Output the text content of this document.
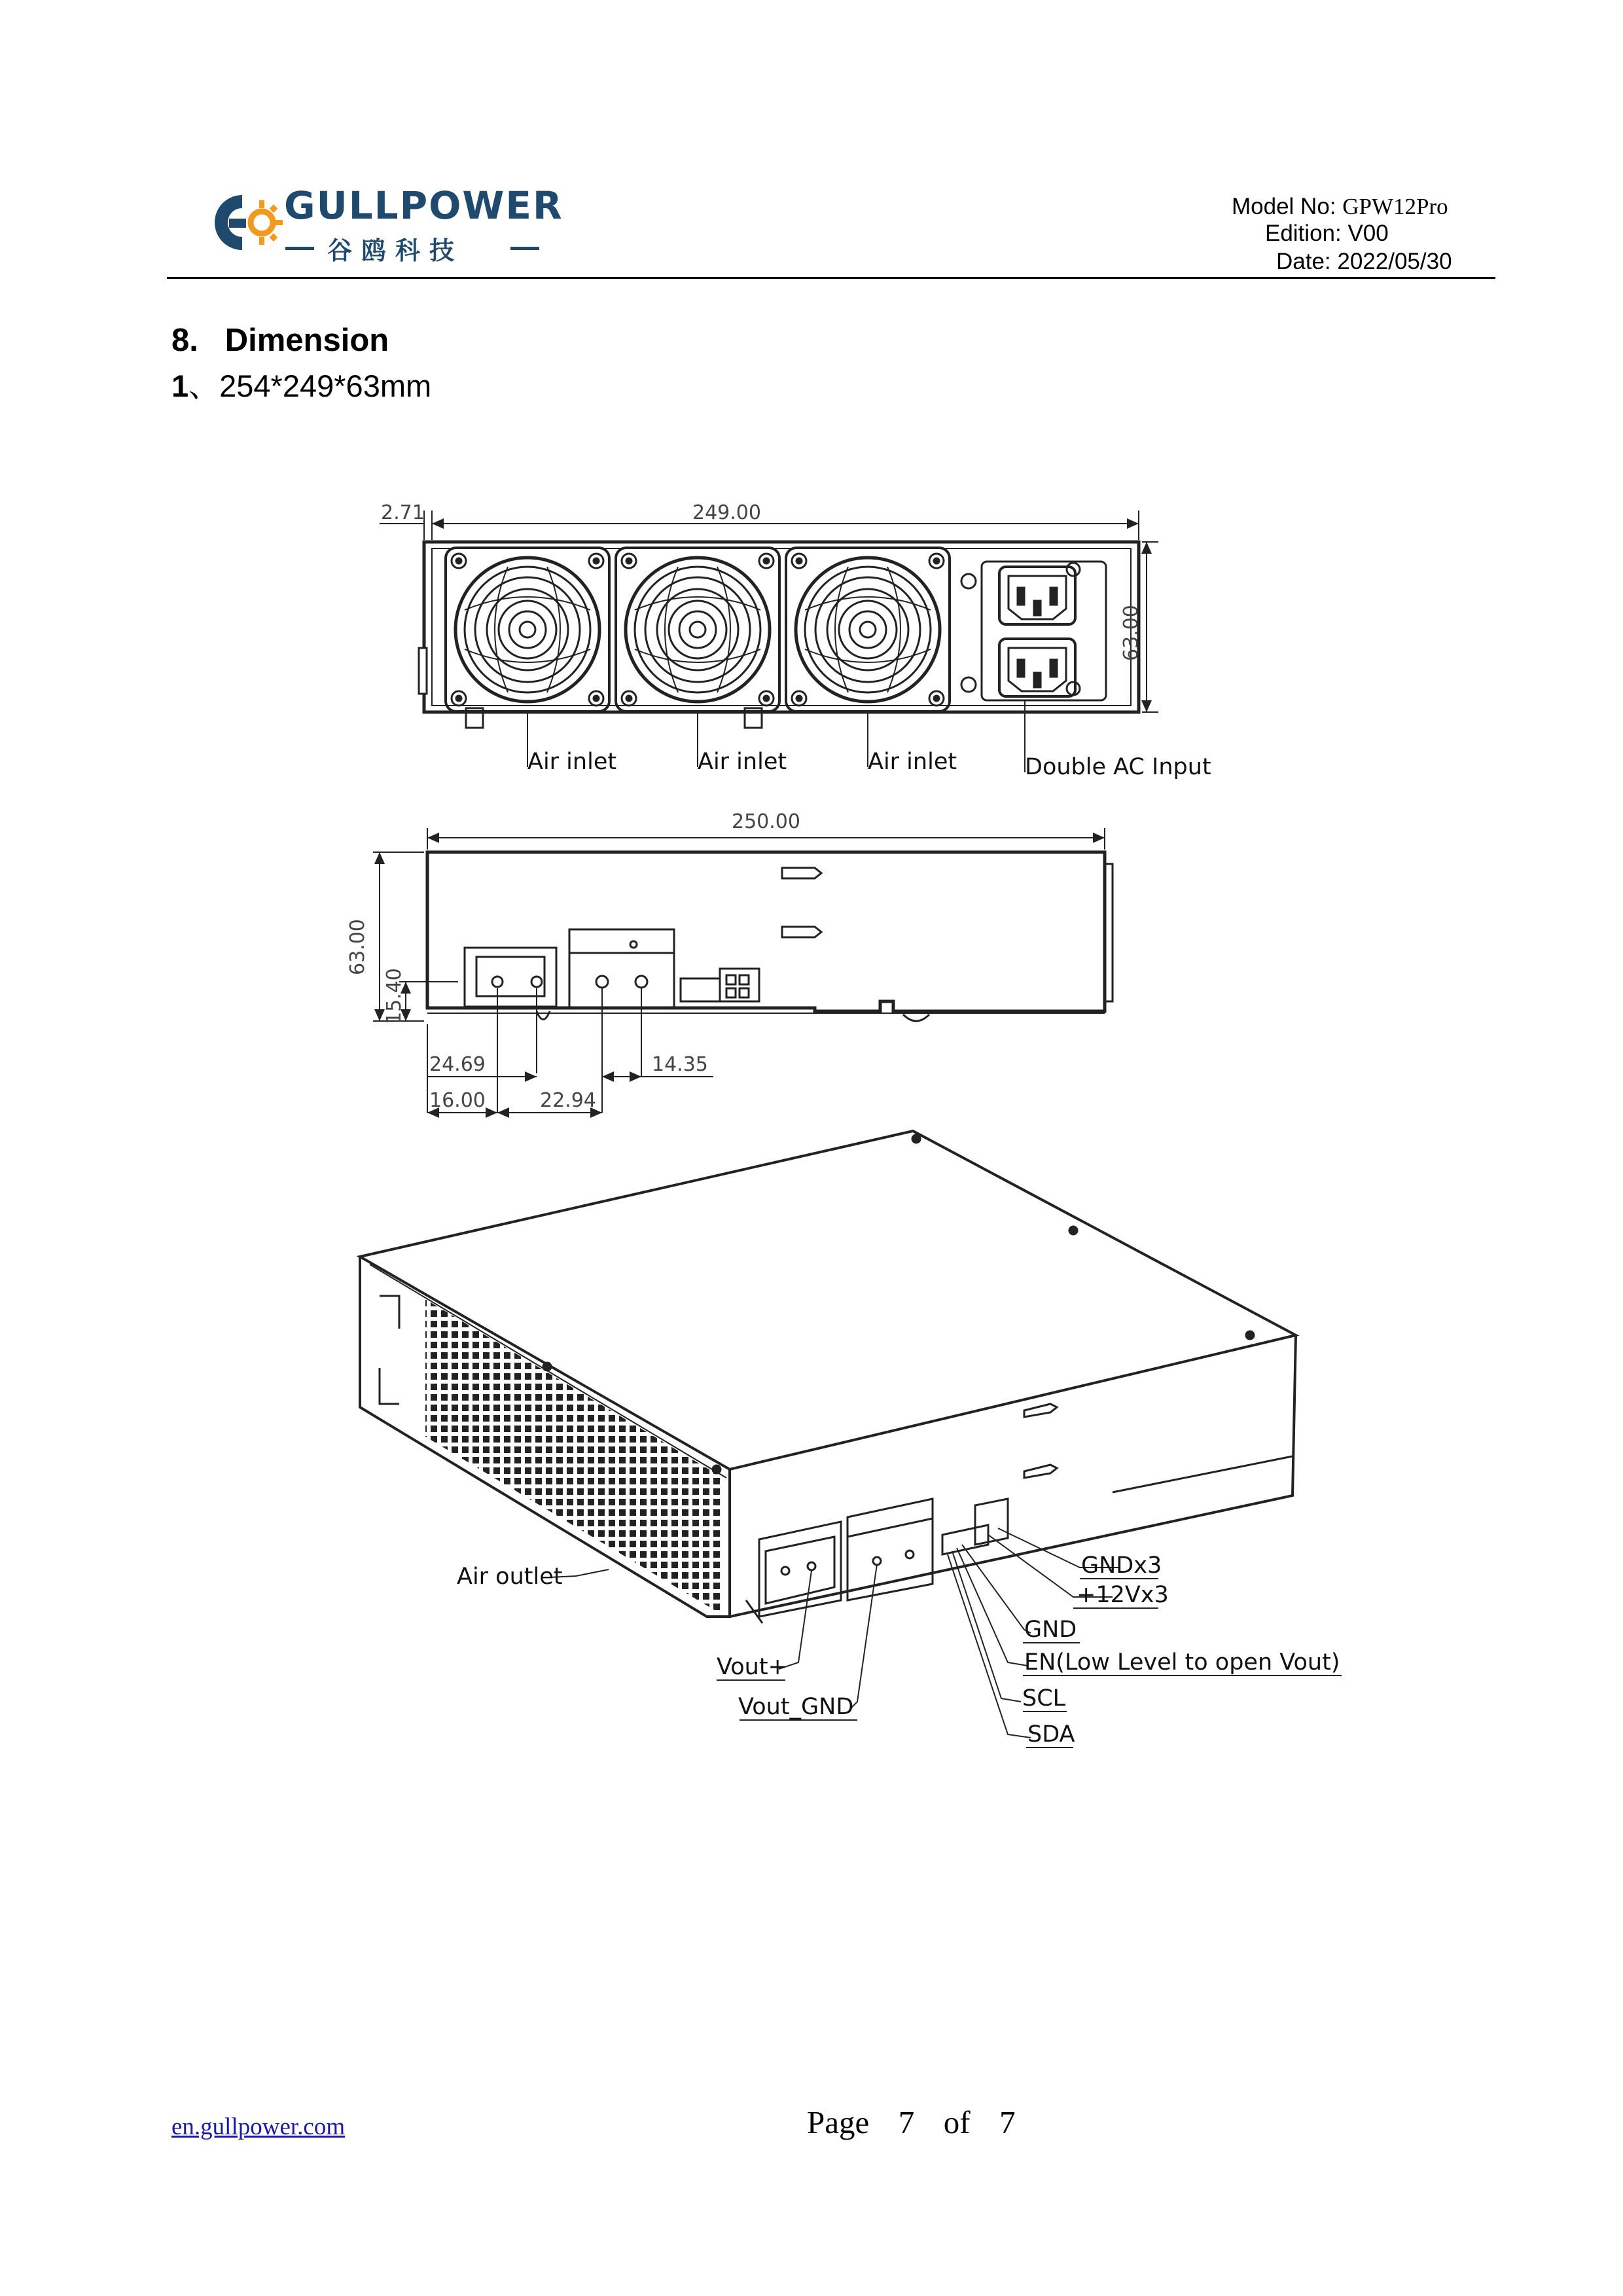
GULLPOWER
谷鸥科技
Model No: GPW12Pro
Edition: V00
Date: 2022/05/30
8.   Dimension
1、254*249*63mm
2.71	249.00
63.00
Air inlet	Air inlet	Air inlet	Double AC Input
250.00
63.00
15.40
24.69
16.00	22.94
14.35
Air outlet
Vout+
Vout_GND
GNDx3
+12Vx3
GND
EN(Low Level to open Vout)
SCL
SDA
en.gullpower.com	Page  7  of  7
